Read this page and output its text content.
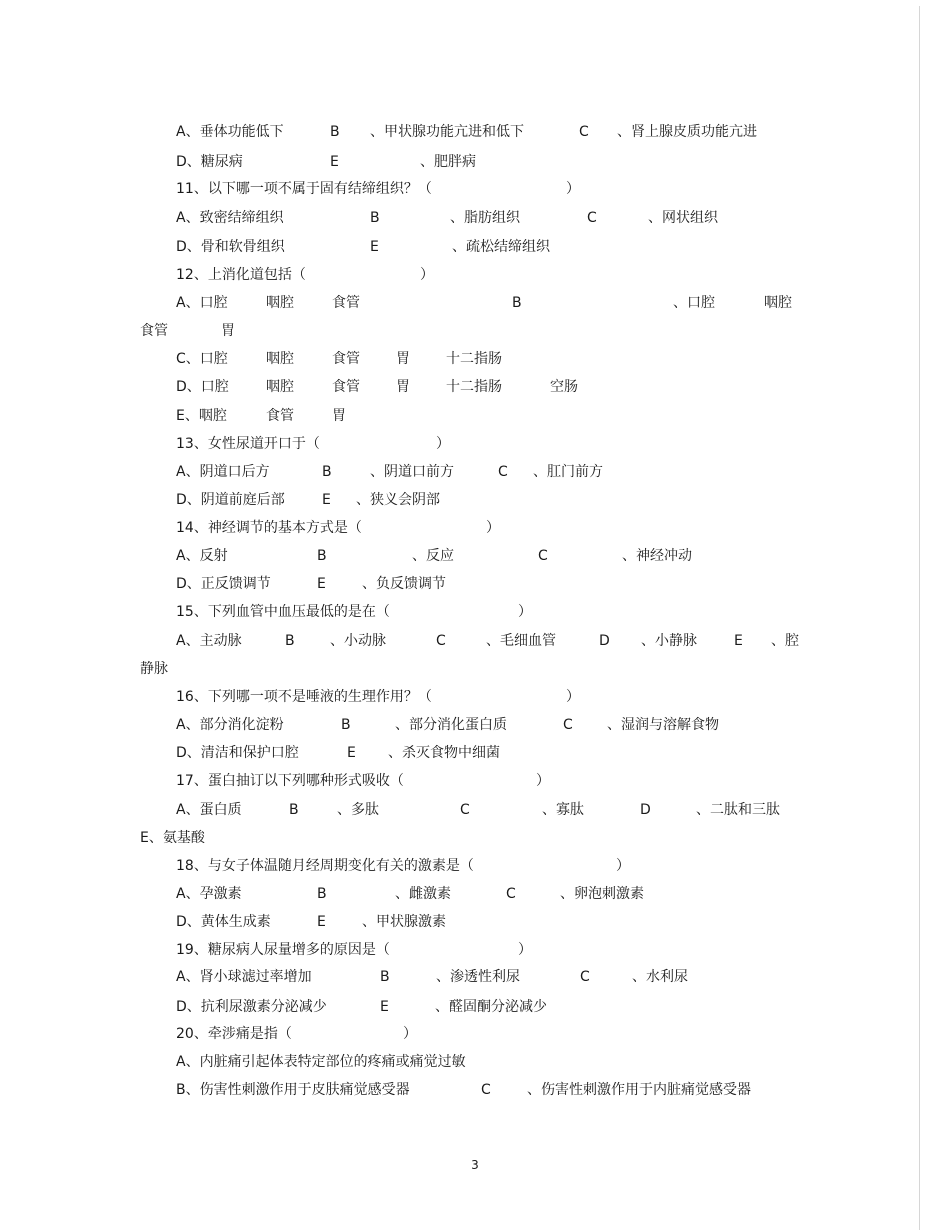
A、垂体功能低下	B 、甲状腺功能亢进和低下	C 、肾上腺皮质功能亢进
D、糖尿病	E	、肥胖病
11、以下哪一项不属于固有结缔组织？（	）
A、致密结缔组织	B	、脂肪组织	C	、网状组织
D、骨和软骨组织	E	、疏松结缔组织
12、上消化道包括（	）
A、口腔	咽腔	食管	B	、口腔	咽腔
食管	胃
C、口腔	咽腔	食管	胃	十二指肠
D、口腔	咽腔	食管	胃	十二指肠	空肠
E、咽腔	食管	胃
13、女性尿道开口于（	）
A、阴道口后方	B	、阴道口前方	C 、肛门前方
D、阴道前庭后部	E 、狭义会阴部
14、神经调节的基本方式是（	）
A、反射	B	、反应	C	、神经冲动
D、正反馈调节	E	、负反馈调节
15、下列血管中血压最低的是在（	）
A、主动脉	B	、小动脉	C	、毛细血管	D 、小静脉	E 、腔
静脉
16、下列哪一项不是唾液的生理作用？（	）
A、部分消化淀粉	B	、部分消化蛋白质	C 、湿润与溶解食物
D、清洁和保护口腔	E 、杀灭食物中细菌
17、蛋白抽订以下列哪种形式吸收（	）
A、蛋白质	B	、多肽	C	、寡肽	D	、二肽和三肽
E、氨基酸
18、与女子体温随月经周期变化有关的激素是（	）
A、孕激素	B	、雌激素	C	、卵泡刺激素
D、黄体生成素	E	、甲状腺激素
19、糖尿病人尿量增多的原因是（	）
A、肾小球滤过率增加	B	、渗透性利尿	C	、水利尿
D、抗利尿激素分泌减少	E	、醛固酮分泌减少
20、牵涉痛是指（	）
A、内脏痛引起体表特定部位的疼痛或痛觉过敏
B、伤害性刺激作用于皮肤痛觉感受器	C	、伤害性刺激作用于内脏痛觉感受器
3
